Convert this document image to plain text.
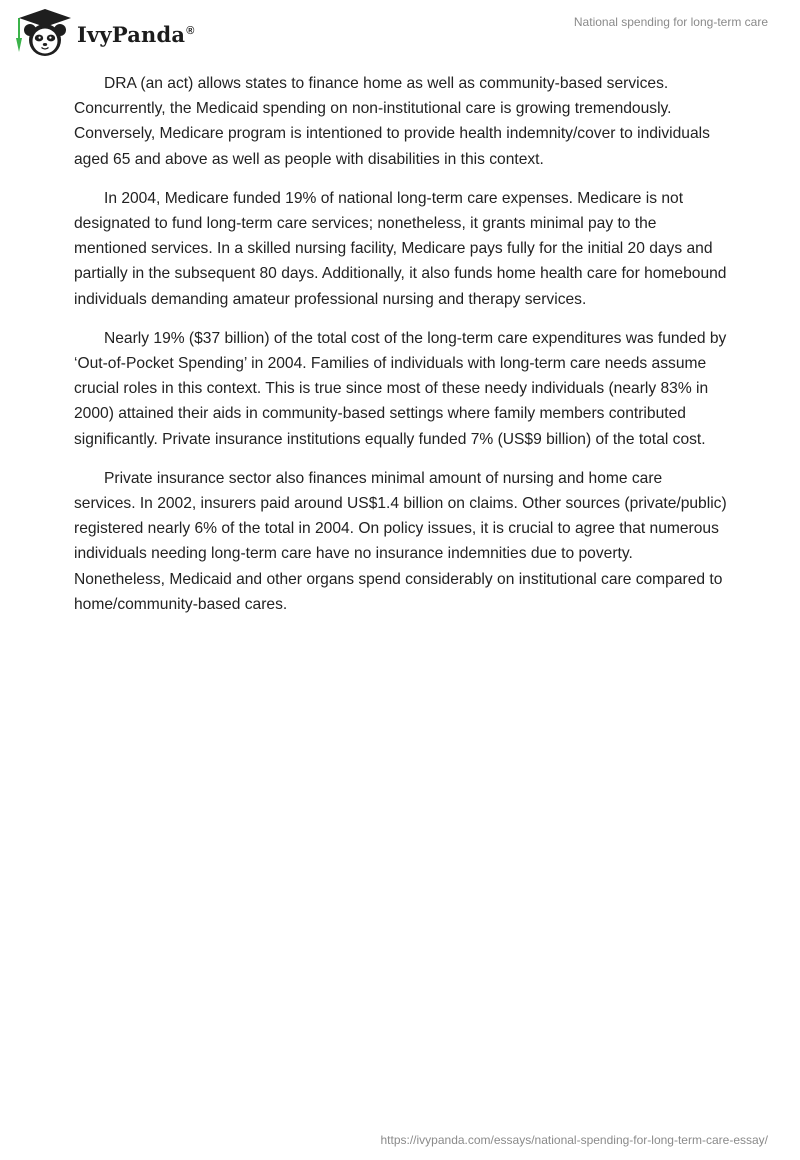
IvyPanda®
National spending for long-term care

DRA (an act) allows states to finance home as well as community-based services. Concurrently, the Medicaid spending on non-institutional care is growing tremendously. Conversely, Medicare program is intentioned to provide health indemnity/cover to individuals aged 65 and above as well as people with disabilities in this context.

In 2004, Medicare funded 19% of national long-term care expenses. Medicare is not designated to fund long-term care services; nonetheless, it grants minimal pay to the mentioned services. In a skilled nursing facility, Medicare pays fully for the initial 20 days and partially in the subsequent 80 days. Additionally, it also funds home health care for homebound individuals demanding amateur professional nursing and therapy services.

Nearly 19% ($37 billion) of the total cost of the long-term care expenditures was funded by ‘Out-of-Pocket Spending’ in 2004. Families of individuals with long-term care needs assume crucial roles in this context. This is true since most of these needy individuals (nearly 83% in 2000) attained their aids in community-based settings where family members contributed significantly. Private insurance institutions equally funded 7% (US$9 billion) of the total cost.

Private insurance sector also finances minimal amount of nursing and home care services. In 2002, insurers paid around US$1.4 billion on claims. Other sources (private/public) registered nearly 6% of the total in 2004. On policy issues, it is crucial to agree that numerous individuals needing long-term care have no insurance indemnities due to poverty. Nonetheless, Medicaid and other organs spend considerably on institutional care compared to home/community-based cares.

https://ivypanda.com/essays/national-spending-for-long-term-care-essay/
